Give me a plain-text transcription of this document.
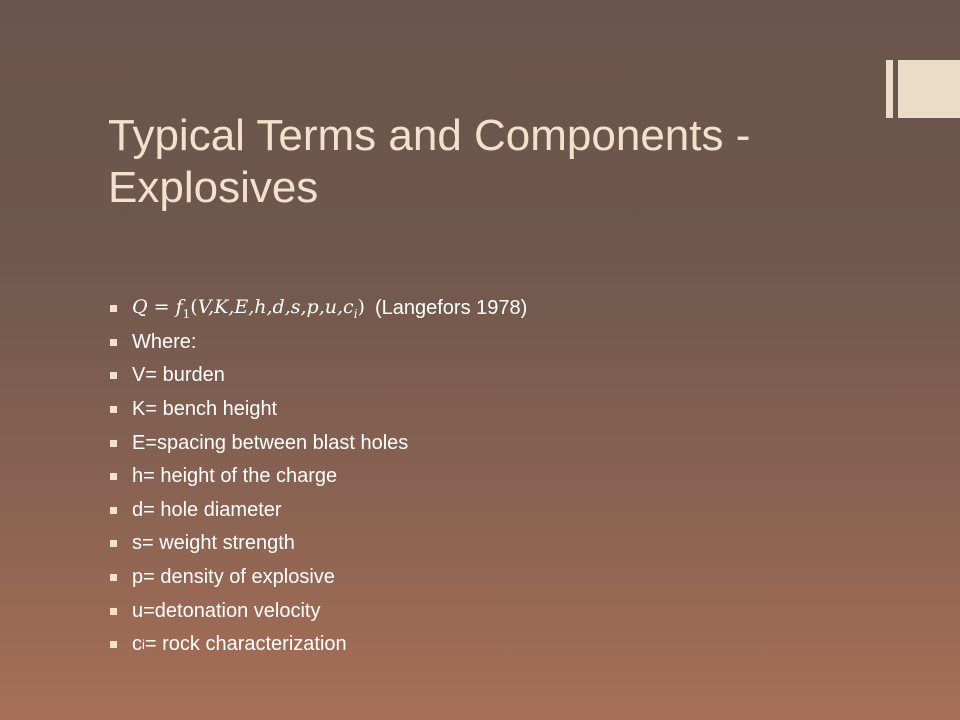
Typical Terms and Components -
Explosives
$Q = f_1(V,K,E,h,d,s,p,u,c_i)$ (Langefors 1978)
Where:
V= burden
K= bench height
E=spacing between blast holes
h= height of the charge
d= hole diameter
s= weight strength
p= density of explosive
u=detonation velocity
c i = rock characterization
